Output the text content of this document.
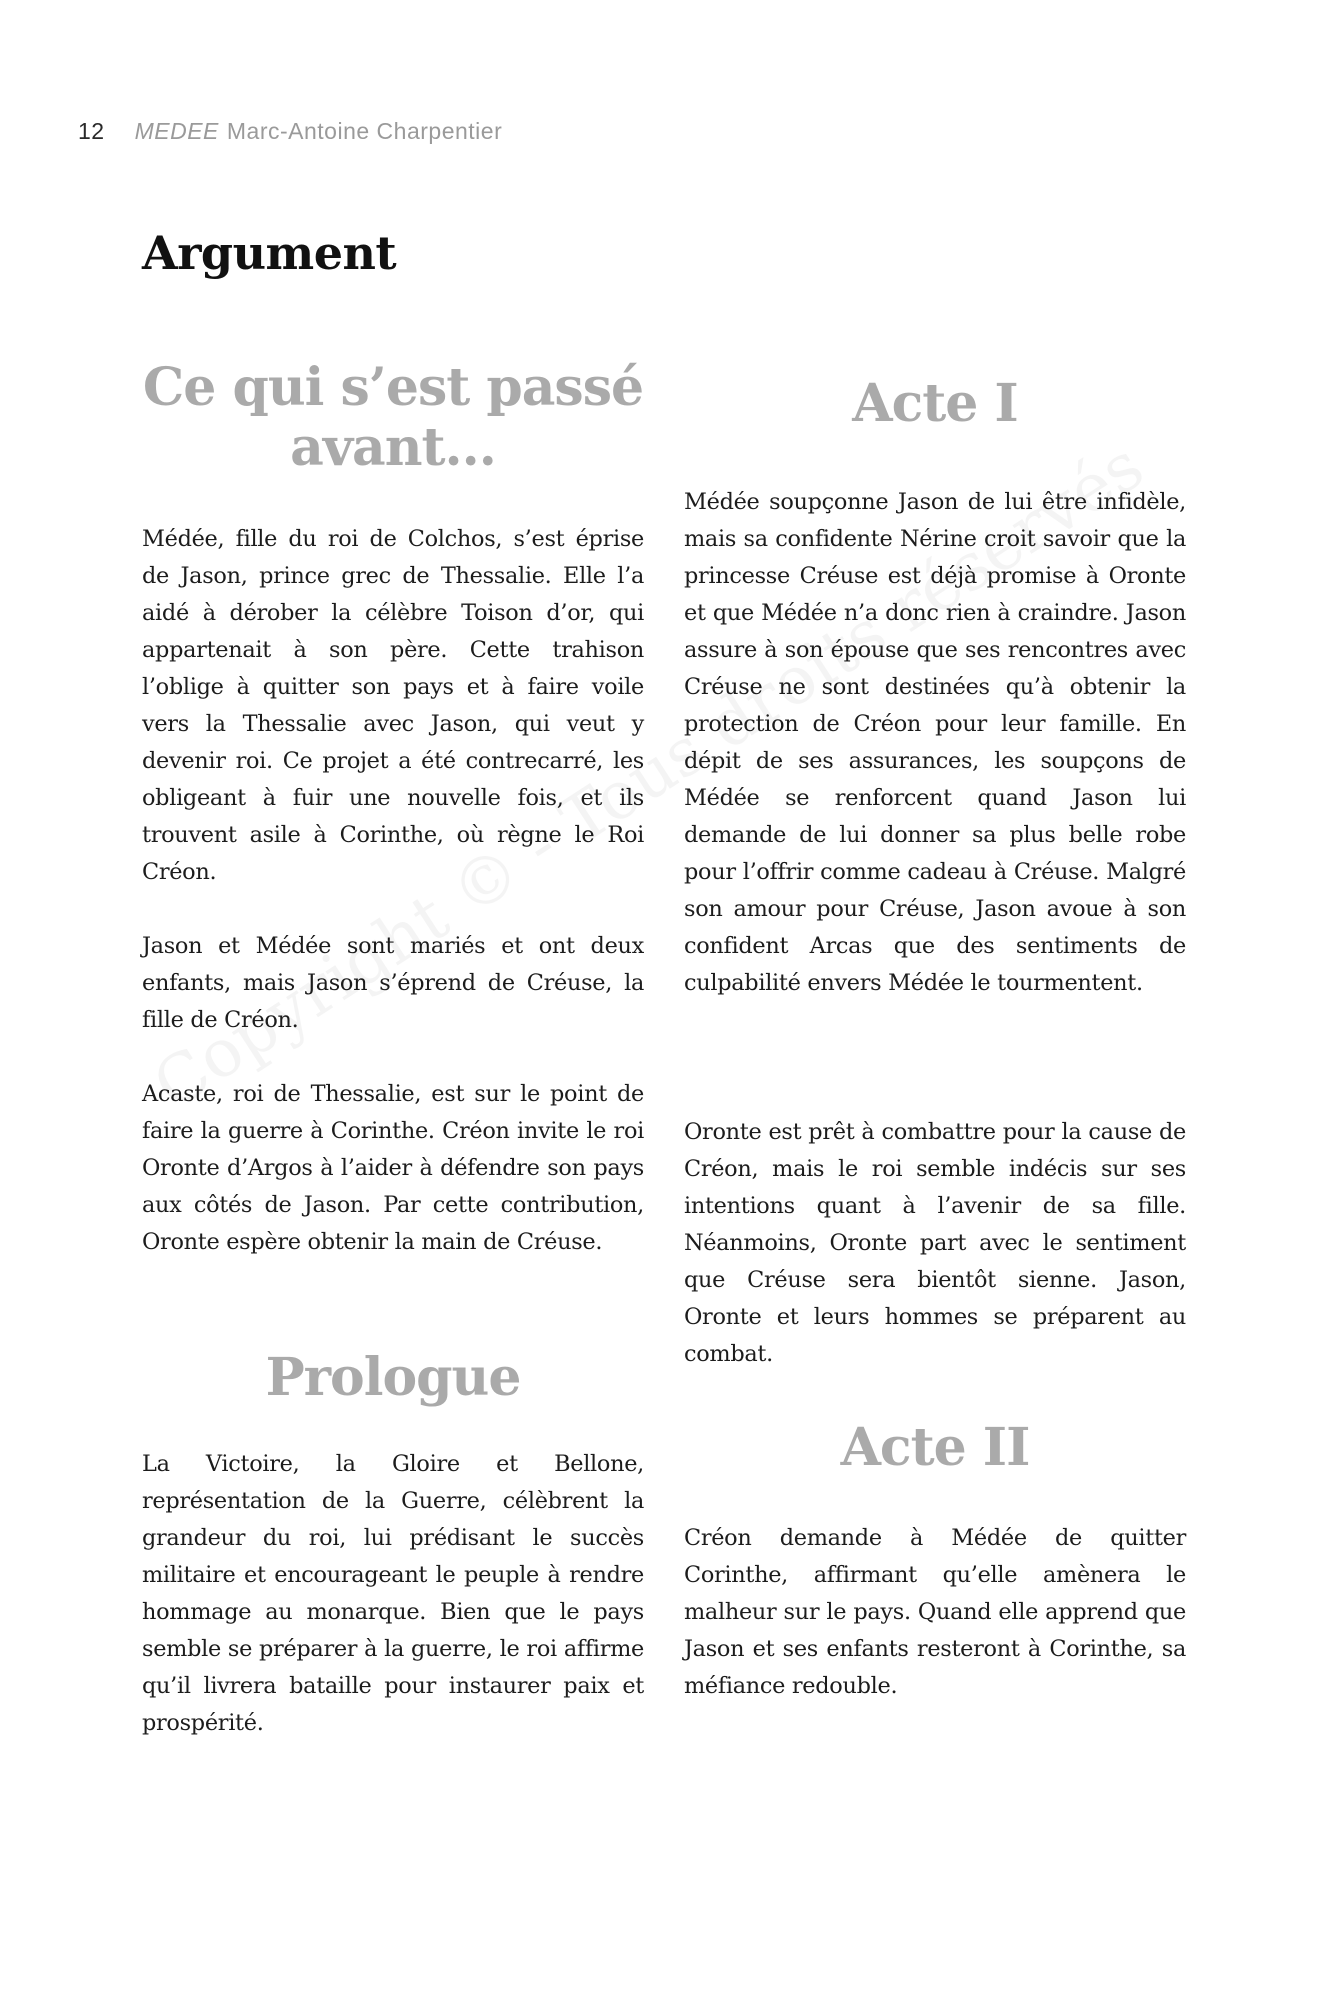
12 MEDEE Marc-Antoine Charpentier
Argument
Ce qui s’est passé avant...

Médée, fille du roi de Colchos, s’est éprise de Jason, prince grec de Thessalie. Elle l’a aidé à dérober la célèbre Toison d’or, qui appartenait à son père. Cette trahison l’oblige à quitter son pays et à faire voile vers la Thessalie avec Jason, qui veut y devenir roi. Ce projet a été contrecarré, les obligeant à fuir une nouvelle fois, et ils trouvent asile à Corinthe, où règne le Roi Créon.

Jason et Médée sont mariés et ont deux enfants, mais Jason s’éprend de Créuse, la fille de Créon.

Acaste, roi de Thessalie, est sur le point de faire la guerre à Corinthe. Créon invite le roi Oronte d’Argos à l’aider à défendre son pays aux côtés de Jason. Par cette contribution, Oronte espère obtenir la main de Créuse.

Prologue

La Victoire, la Gloire et Bellone, représentation de la Guerre, célèbrent la grandeur du roi, lui prédisant le succès militaire et encourageant le peuple à rendre hommage au monarque. Bien que le pays semble se préparer à la guerre, le roi affirme qu’il livrera bataille pour instaurer paix et prospérité.

Acte I

Médée soupçonne Jason de lui être infidèle, mais sa confidente Nérine croit savoir que la princesse Créuse est déjà promise à Oronte et que Médée n’a donc rien à craindre. Jason assure à son épouse que ses rencontres avec Créuse ne sont destinées qu’à obtenir la protection de Créon pour leur famille. En dépit de ses assurances, les soupçons de Médée se renforcent quand Jason lui demande de lui donner sa plus belle robe pour l’offrir comme cadeau à Créuse. Malgré son amour pour Créuse, Jason avoue à son confident Arcas que des sentiments de culpabilité envers Médée le tourmentent.

Oronte est prêt à combattre pour la cause de Créon, mais le roi semble indécis sur ses intentions quant à l’avenir de sa fille. Néanmoins, Oronte part avec le sentiment que Créuse sera bientôt sienne. Jason, Oronte et leurs hommes se préparent au combat.

Acte II

Créon demande à Médée de quitter Corinthe, affirmant qu’elle amènera le malheur sur le pays. Quand elle apprend que Jason et ses enfants resteront à Corinthe, sa méfiance redouble.
